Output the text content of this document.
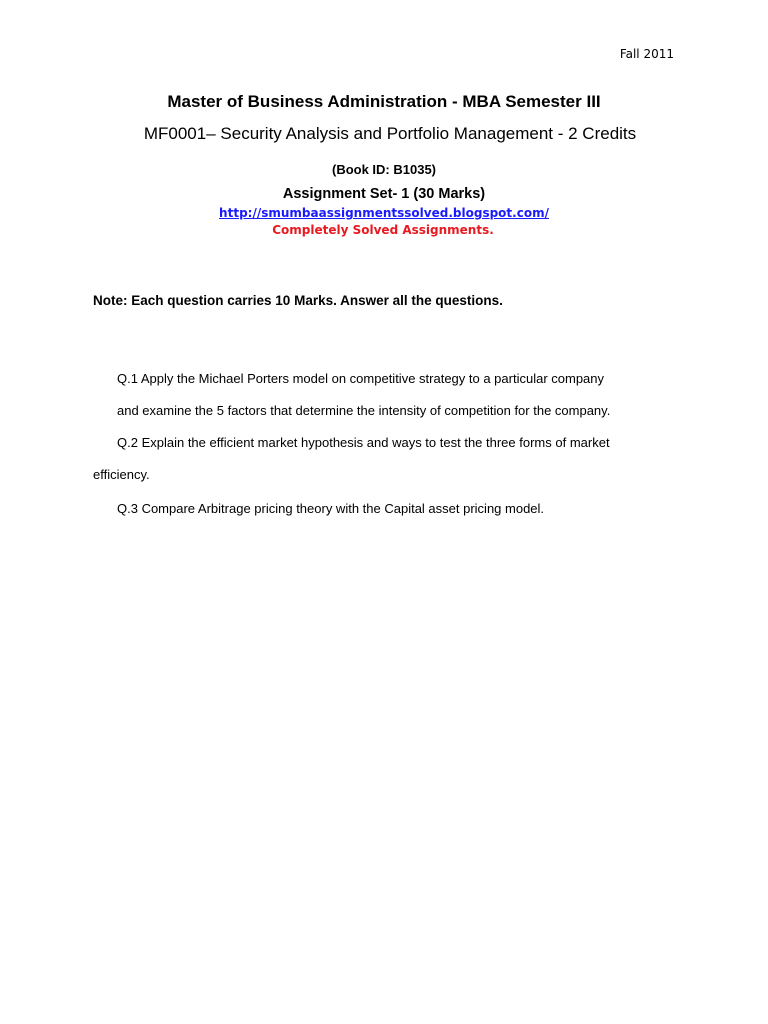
Fall 2011
Master of Business Administration - MBA Semester III
MF0001– Security Analysis and Portfolio Management - 2 Credits
(Book ID: B1035)
Assignment Set- 1 (30 Marks)
http://smumbaassignmentssolved.blogspot.com/
Completely Solved Assignments.
Note: Each question carries 10 Marks. Answer all the questions.
Q.1 Apply the Michael Porters model on competitive strategy to a particular company
and examine the 5 factors that determine the intensity of competition for the company.
Q.2 Explain the efficient market hypothesis and ways to test the three forms of market
efficiency.
Q.3 Compare Arbitrage pricing theory with the Capital asset pricing model.
